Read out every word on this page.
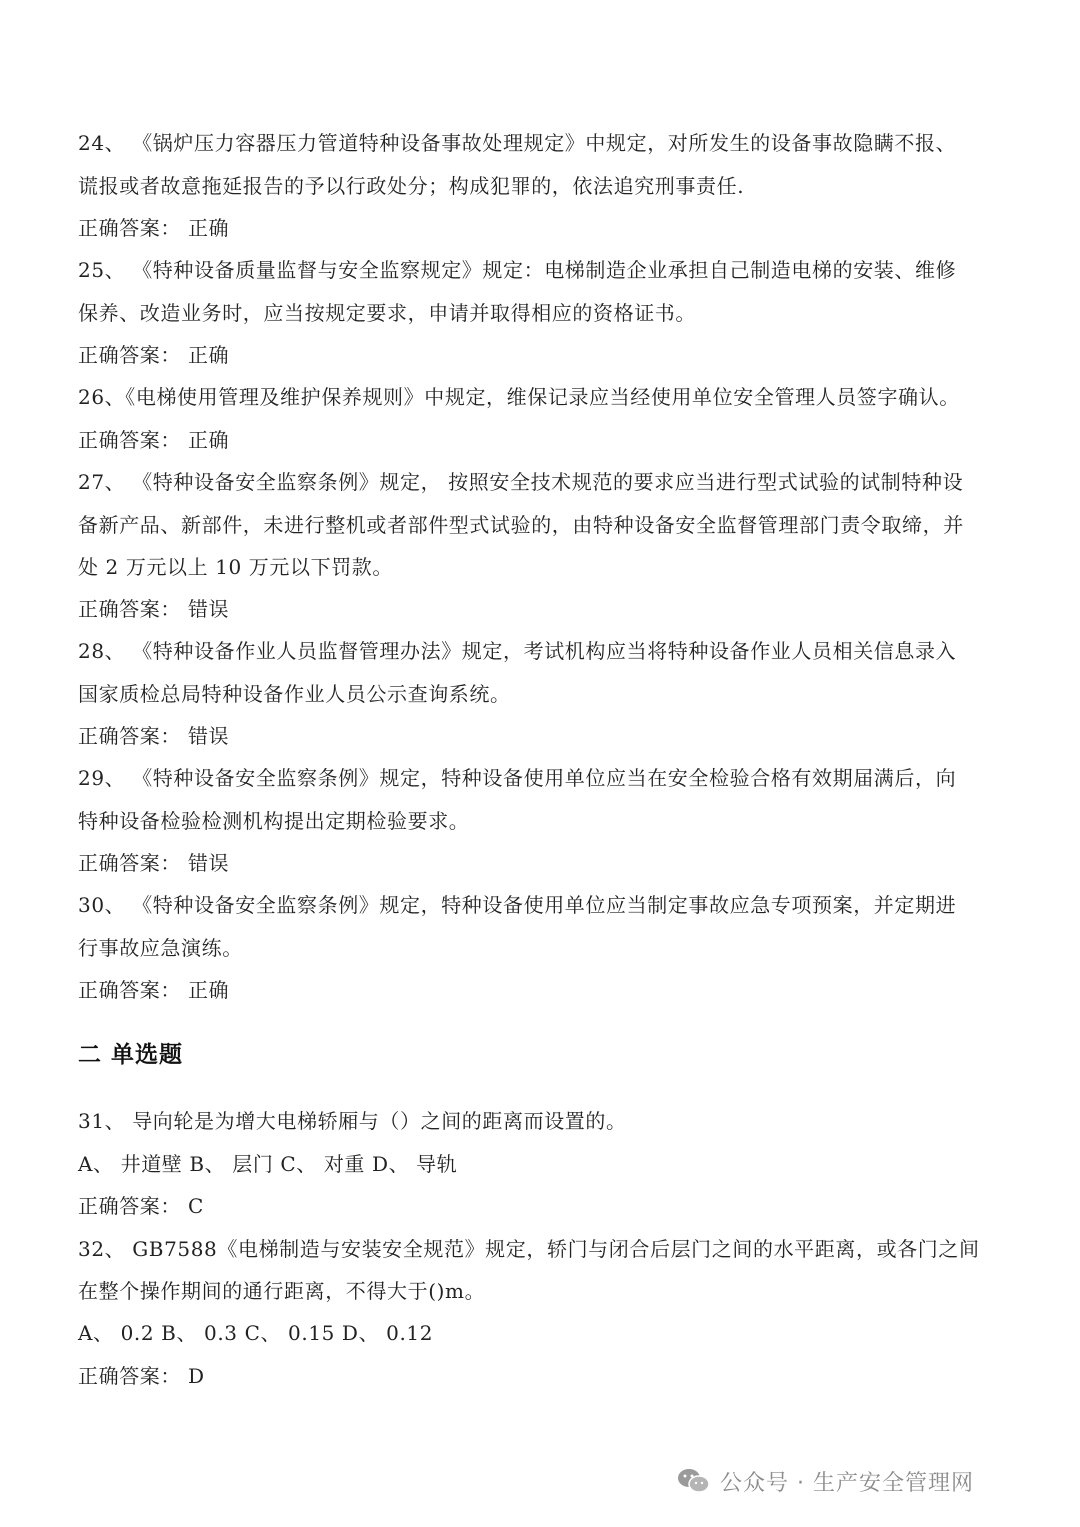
24、 《锅炉压力容器压力管道特种设备事故处理规定》中规定，对所发生的设备事故隐瞒不报、
谎报或者故意拖延报告的予以行政处分；构成犯罪的，依法追究刑事责任.
正确答案： 正确
25、 《特种设备质量监督与安全监察规定》规定：电梯制造企业承担自己制造电梯的安装、维修
保养、改造业务时，应当按规定要求，申请并取得相应的资格证书。
正确答案： 正确
26、《电梯使用管理及维护保养规则》中规定，维保记录应当经使用单位安全管理人员签字确认。
正确答案： 正确
27、 《特种设备安全监察条例》规定， 按照安全技术规范的要求应当进行型式试验的试制特种设
备新产品、新部件，未进行整机或者部件型式试验的，由特种设备安全监督管理部门责令取缔，并
处 2 万元以上 10 万元以下罚款。
正确答案： 错误
28、 《特种设备作业人员监督管理办法》规定，考试机构应当将特种设备作业人员相关信息录入
国家质检总局特种设备作业人员公示查询系统。
正确答案： 错误
29、 《特种设备安全监察条例》规定，特种设备使用单位应当在安全检验合格有效期届满后，向
特种设备检验检测机构提出定期检验要求。
正确答案： 错误
30、 《特种设备安全监察条例》规定，特种设备使用单位应当制定事故应急专项预案，并定期进
行事故应急演练。
正确答案： 正确
二 单选题
31、 导向轮是为增大电梯轿厢与（）之间的距离而设置的。
A、 井道壁 B、 层门 C、 对重 D、 导轨
正确答案： C
32、 GB7588《电梯制造与安装安全规范》规定，轿门与闭合后层门之间的水平距离，或各门之间
在整个操作期间的通行距离，不得大于()m。
A、 0.2 B、 0.3 C、 0.15 D、 0.12
正确答案： D
公众号 · 生产安全管理网
